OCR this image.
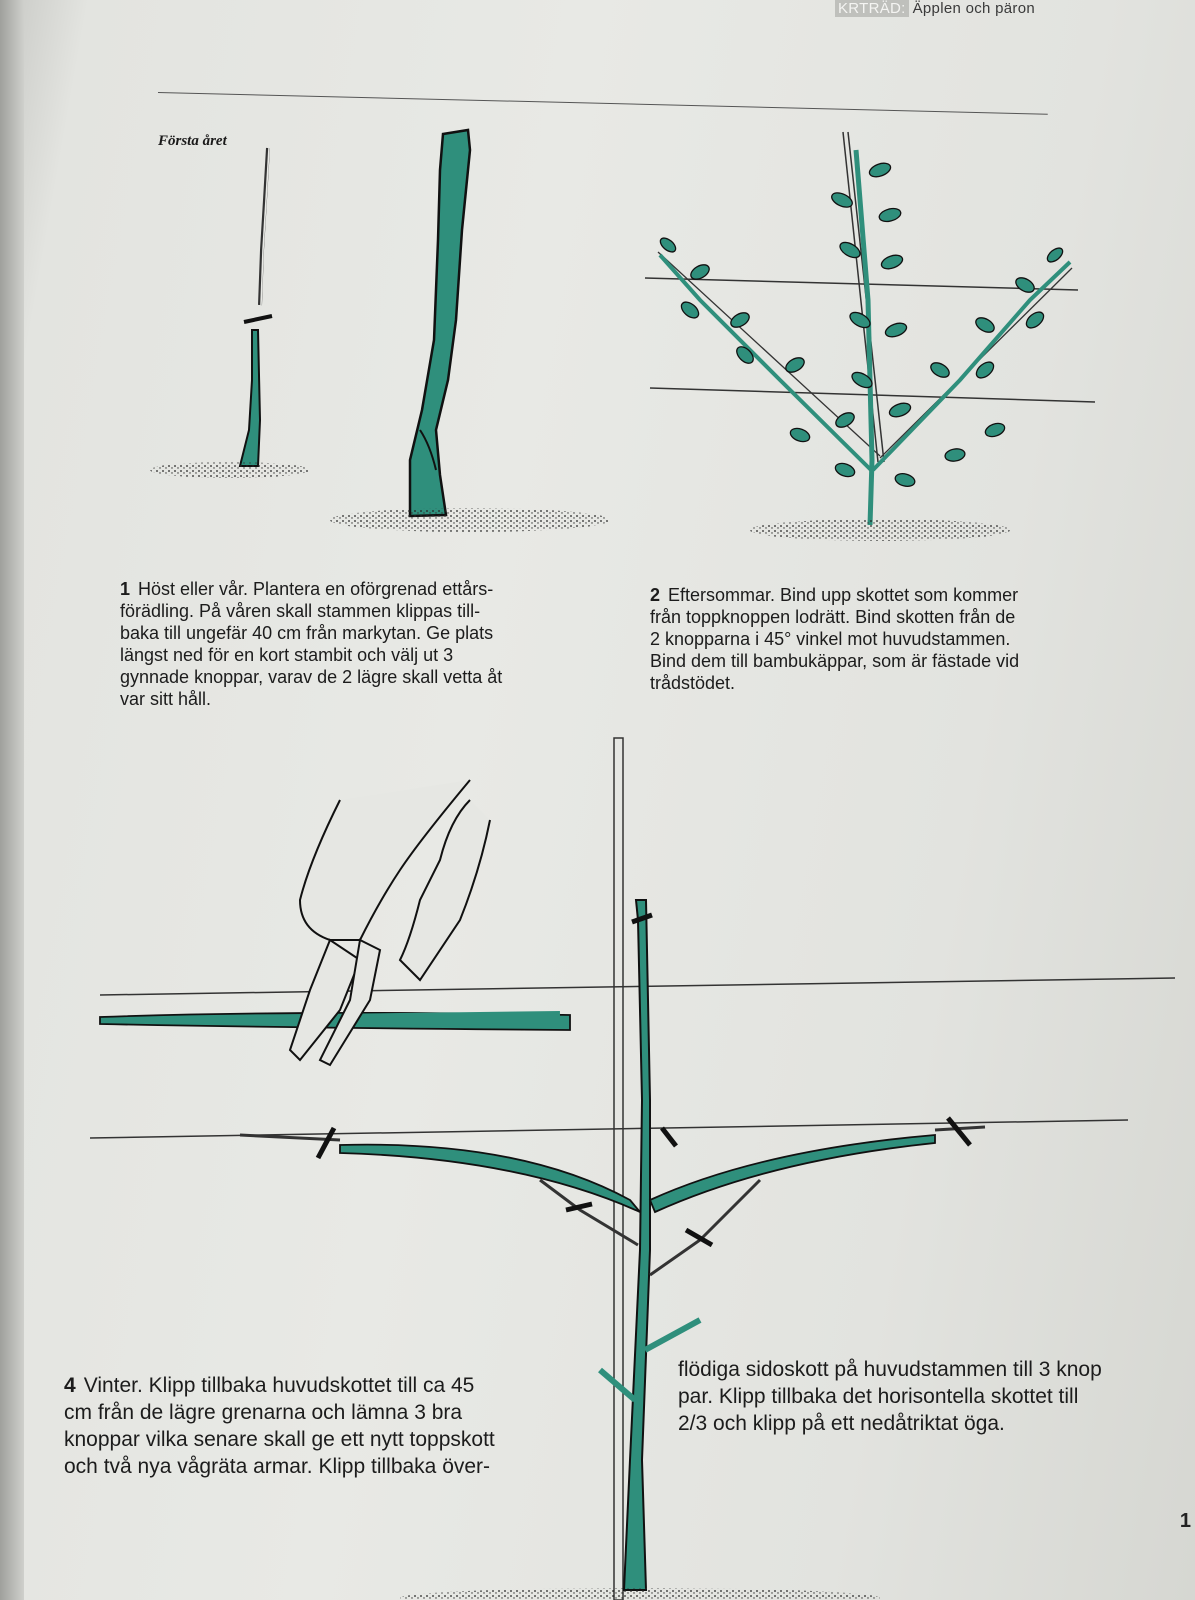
KRTRÄD: Äpplen och päron
Första året
1 Höst eller vår. Plantera en oförgrenad ettårs-
förädling. På våren skall stammen klippas till-
baka till ungefär 40 cm från markytan. Ge plats
längst ned för en kort stambit och välj ut 3
gynnade knoppar, varav de 2 lägre skall vetta åt
var sitt håll.
2 Eftersommar. Bind upp skottet som kommer
från toppknoppen lodrätt. Bind skotten från de
2 knopparna i 45° vinkel mot huvudstammen.
Bind dem till bambukäppar, som är fästade vid
trådstödet.
4 Vinter. Klipp tillbaka huvudskottet till ca 45
cm från de lägre grenarna och lämna 3 bra
knoppar vilka senare skall ge ett nytt toppskott
och två nya vågräta armar. Klipp tillbaka över-
flödiga sidoskott på huvudstammen till 3 knop
par. Klipp tillbaka det horisontella skottet till
2/3 och klipp på ett nedåtriktat öga.
1
